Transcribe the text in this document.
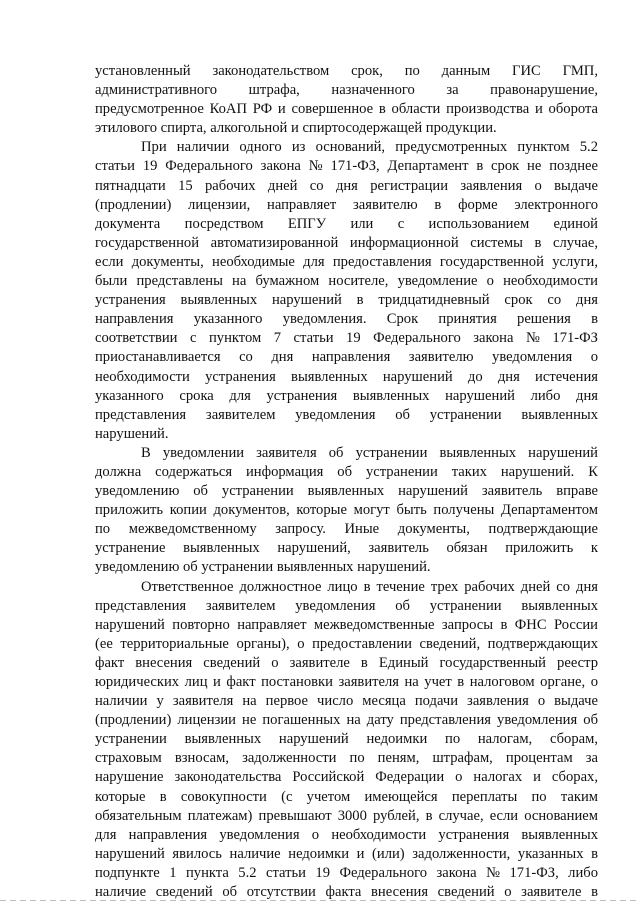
установленный законодательством срок, по данным ГИС ГМП,
административного штрафа, назначенного за правонарушение,
предусмотренное КоАП РФ и совершенное в области производства и оборота
этилового спирта, алкогольной и спиртосодержащей продукции.
При наличии одного из оснований, предусмотренных пунктом 5.2
статьи 19 Федерального закона № 171-ФЗ, Департамент в срок не позднее
пятнадцати 15 рабочих дней со дня регистрации заявления о выдаче
(продлении) лицензии, направляет заявителю в форме электронного
документа посредством ЕПГУ или с использованием единой
государственной автоматизированной информационной системы в случае,
если документы, необходимые для предоставления государственной услуги,
были представлены на бумажном носителе, уведомление о необходимости
устранения выявленных нарушений в тридцатидневный срок со дня
направления указанного уведомления. Срок принятия решения в
соответствии с пунктом 7 статьи 19 Федерального закона № 171-ФЗ
приостанавливается со дня направления заявителю уведомления о
необходимости устранения выявленных нарушений до дня истечения
указанного срока для устранения выявленных нарушений либо дня
представления заявителем уведомления об устранении выявленных
нарушений.
В уведомлении заявителя об устранении выявленных нарушений
должна содержаться информация об устранении таких нарушений. К
уведомлению об устранении выявленных нарушений заявитель вправе
приложить копии документов, которые могут быть получены Департаментом
по межведомственному запросу. Иные документы, подтверждающие
устранение выявленных нарушений, заявитель обязан приложить к
уведомлению об устранении выявленных нарушений.
Ответственное должностное лицо в течение трех рабочих дней со дня
представления заявителем уведомления об устранении выявленных
нарушений повторно направляет межведомственные запросы в ФНС России
(ее территориальные органы), о предоставлении сведений, подтверждающих
факт внесения сведений о заявителе в Единый государственный реестр
юридических лиц и факт постановки заявителя на учет в налоговом органе, о
наличии у заявителя на первое число месяца подачи заявления о выдаче
(продлении) лицензии не погашенных на дату представления уведомления об
устранении выявленных нарушений недоимки по налогам, сборам,
страховым взносам, задолженности по пеням, штрафам, процентам за
нарушение законодательства Российской Федерации о налогах и сборах,
которые в совокупности (с учетом имеющейся переплаты по таким
обязательным платежам) превышают 3000 рублей, в случае, если основанием
для направления уведомления о необходимости устранения выявленных
нарушений явилось наличие недоимки и (или) задолженности, указанных в
подпункте 1 пункта 5.2 статьи 19 Федерального закона № 171-ФЗ, либо
наличие сведений об отсутствии факта внесения сведений о заявителе в
